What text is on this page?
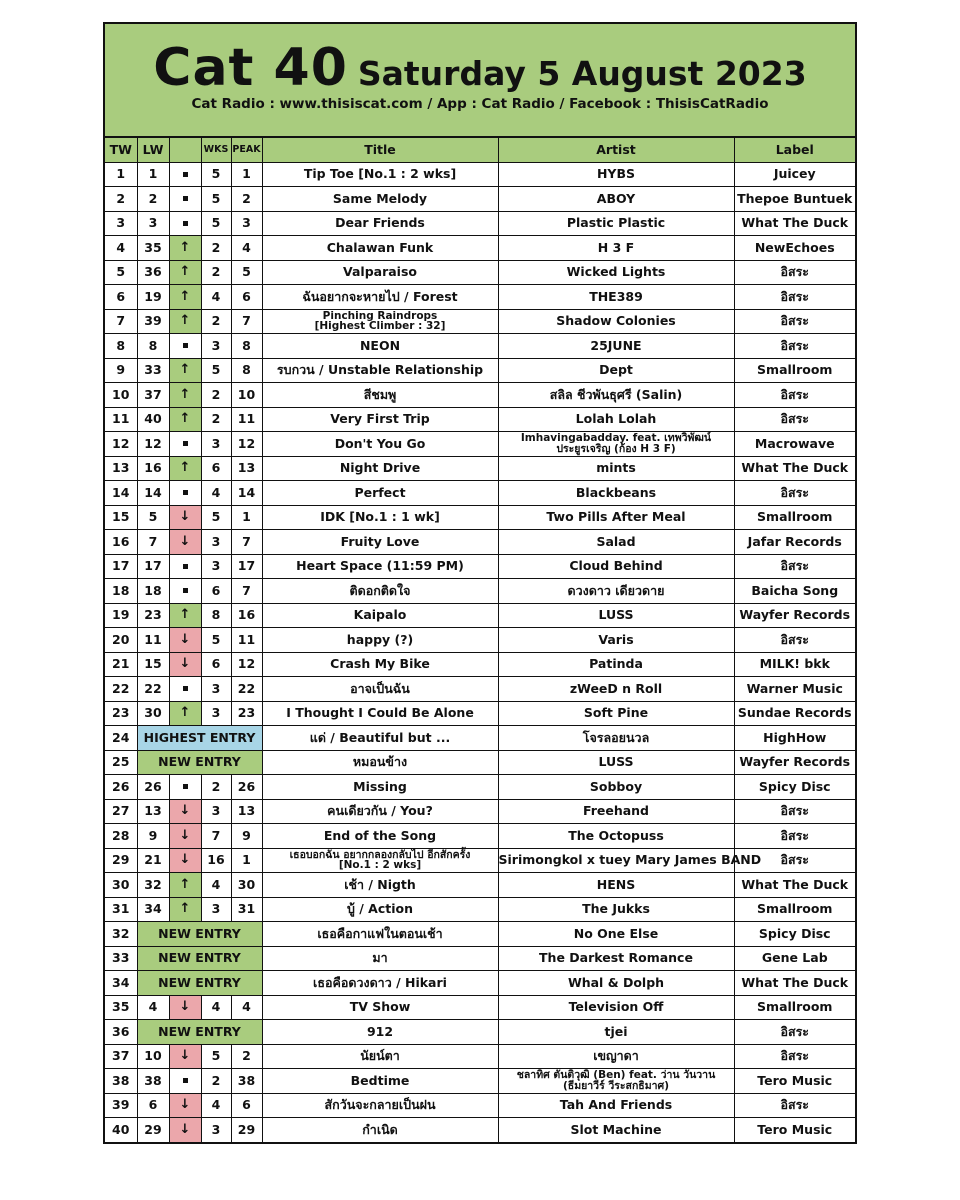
Cat 40 Saturday 5 August 2023
Cat Radio : www.thisiscat.com / App : Cat Radio / Facebook : ThisisCatRadio
TW	LW		WKS	PEAK	Title	Artist	Label
1	1		5	1	Tip Toe [No.1 : 2 wks]	HYBS	Juicey
2	2		5	2	Same Melody	ABOY	Thepoe Buntuek
3	3		5	3	Dear Friends	Plastic Plastic	What The Duck
4	35	↑	2	4	Chalawan Funk	H 3 F	NewEchoes
5	36	↑	2	5	Valparaiso	Wicked Lights	อิสระ
6	19	↑	4	6	ฉันอยากจะหายไป / Forest	THE389	อิสระ
7	39	↑	2	7	Pinching Raindrops
[Highest Climber : 32]	Shadow Colonies	อิสระ
8	8		3	8	NEON	25JUNE	อิสระ
9	33	↑	5	8	รบกวน / Unstable Relationship	Dept	Smallroom
10	37	↑	2	10	สีชมพู	สลิล ชีวพันธุศรี (Salin)	อิสระ
11	40	↑	2	11	Very First Trip	Lolah Lolah	อิสระ
12	12		3	12	Don't You Go	Imhavingabadday. feat. เทพวิพัฒน์
ประยูรเจริญ (ก้อง H 3 F)	Macrowave
13	16	↑	6	13	Night Drive	mints	What The Duck
14	14		4	14	Perfect	Blackbeans	อิสระ
15	5	↓	5	1	IDK [No.1 : 1 wk]	Two Pills After Meal	Smallroom
16	7	↓	3	7	Fruity Love	Salad	Jafar Records
17	17		3	17	Heart Space (11:59 PM)	Cloud Behind	อิสระ
18	18		6	7	ติดอกติดใจ	ดวงดาว เดียวดาย	Baicha Song
19	23	↑	8	16	Kaipalo	LUSS	Wayfer Records
20	11	↓	5	11	happy (?)	Varis	อิสระ
21	15	↓	6	12	Crash My Bike	Patinda	MILK! bkk
22	22		3	22	อาจเป็นฉัน	zWeeD n Roll	Warner Music
23	30	↑	3	23	I Thought I Could Be Alone	Soft Pine	Sundae Records
24	HIGHEST ENTRY				แด่ / Beautiful but ...	โจรลอยนวล	HighHow
25	NEW ENTRY				หมอนข้าง	LUSS	Wayfer Records
26	26		2	26	Missing	Sobboy	Spicy Disc
27	13	↓	3	13	คนเดียวกัน / You?	Freehand	อิสระ
28	9	↓	7	9	End of the Song	The Octopuss	อิสระ
29	21	↓	16	1	เธอบอกฉัน อยากกลองกลับไป อีกสักครั้ง
[No.1 : 2 wks]	Sirimongkol x tuey Mary James BAND	อิสระ
30	32	↑	4	30	เช้า / Nigth	HENS	What The Duck
31	34	↑	3	31	บู้ / Action	The Jukks	Smallroom
32	NEW ENTRY				เธอคือกาแฟในตอนเช้า	No One Else	Spicy Disc
33	NEW ENTRY				มา	The Darkest Romance	Gene Lab
34	NEW ENTRY				เธอคือดวงดาว / Hikari	Whal & Dolph	What The Duck
35	4	↓	4	4	TV Show	Television Off	Smallroom
36	NEW ENTRY				912	tjei	อิสระ
37	10	↓	5	2	นัยน์ตา	เขญาดา	อิสระ
38	38		2	38	Bedtime	ชลาทิศ ตันติวุฒิ (Ben) feat. ว่าน วันวาน
(ธีมยาวีร์ วีระสกธิมาศ)	Tero Music
39	6	↓	4	6	สักวันจะกลายเป็นฝน	Tah And Friends	อิสระ
40	29	↓	3	29	กำเนิด	Slot Machine	Tero Music
